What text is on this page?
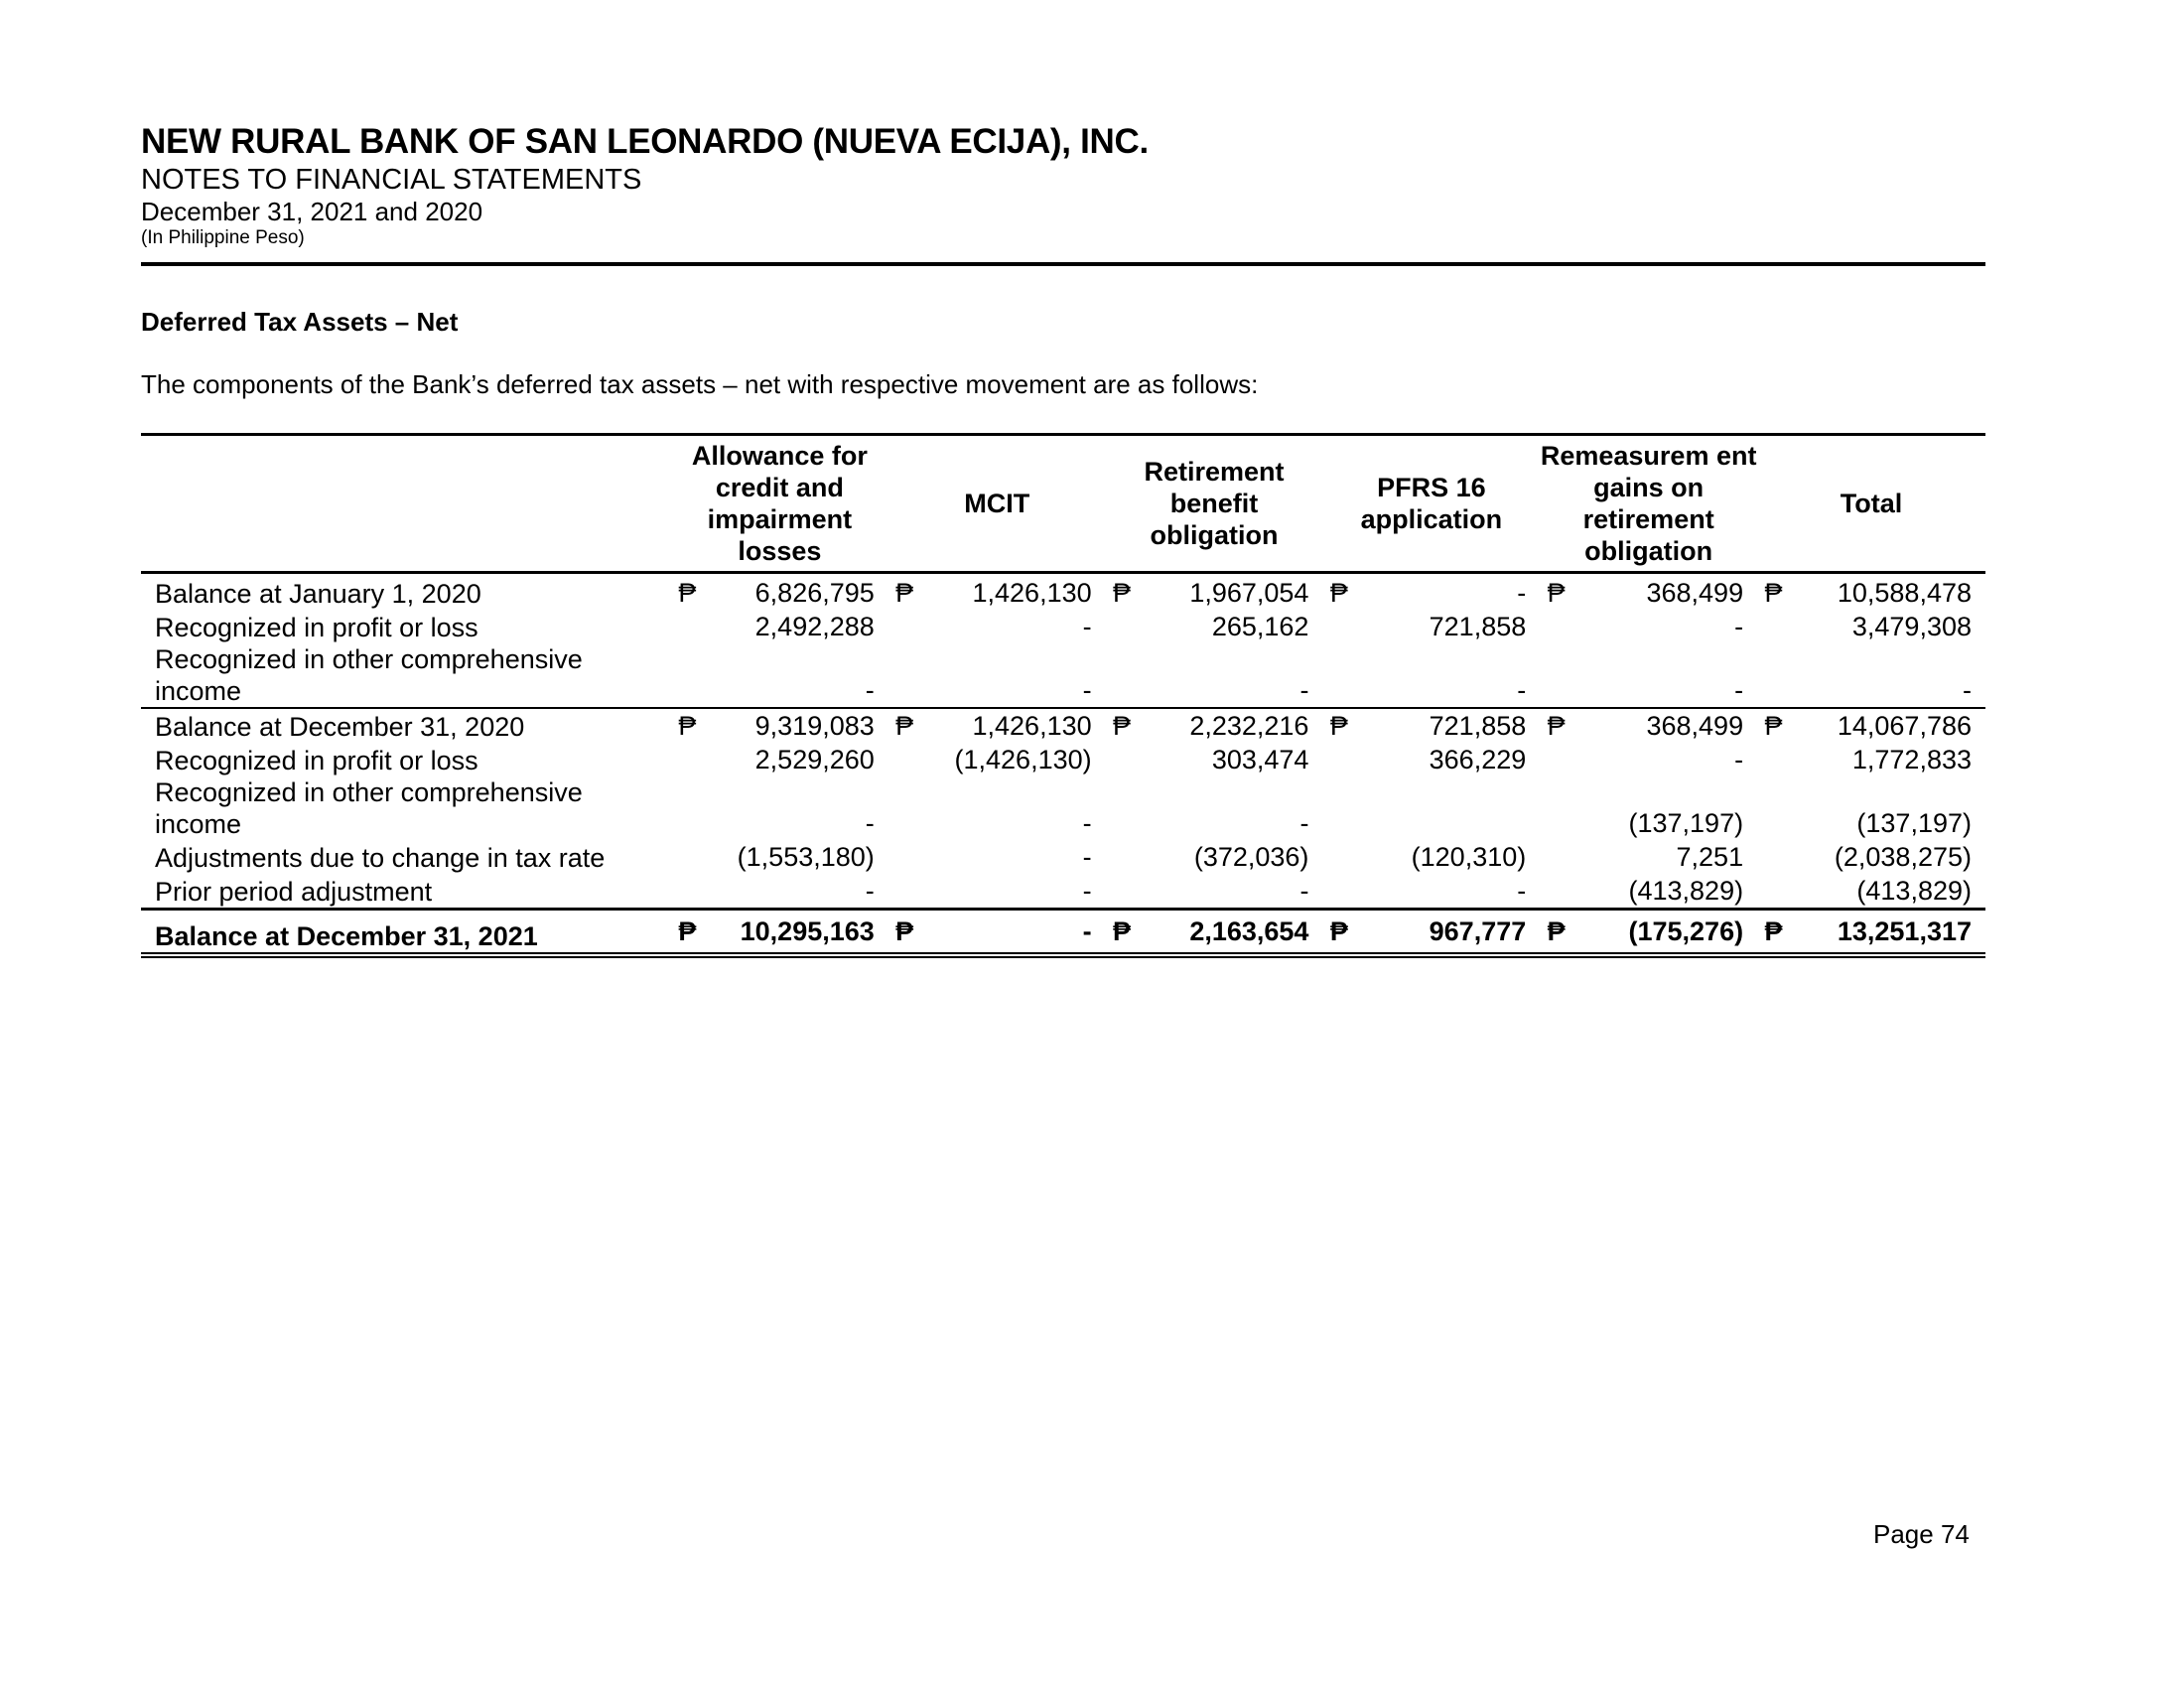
NEW RURAL BANK OF SAN LEONARDO (NUEVA ECIJA), INC.
NOTES TO FINANCIAL STATEMENTS
December 31, 2021 and 2020
(In Philippine Peso)
Deferred Tax Assets – Net
The components of the Bank’s deferred tax assets – net with respective movement are as follows:
	Allowance for credit and impairment losses		MCIT		Retirement benefit obligation		PFRS 16 application		Remeasurem ent gains on retirement obligation		Total	
Balance at January 1, 2020	₱	6,826,795	₱	1,426,130	₱	1,967,054	₱	-	₱	368,499	₱	10,588,478
Recognized in profit or loss		2,492,288		-		265,162		721,858		-		3,479,308
Recognized in other comprehensive income		-		-		-		-		-		-
Balance at December 31, 2020	₱	9,319,083	₱	1,426,130	₱	2,232,216	₱	721,858	₱	368,499	₱	14,067,786
Recognized in profit or loss		2,529,260		(1,426,130)		303,474		366,229		-		1,772,833
Recognized in other comprehensive income		-		-		-				(137,197)		(137,197)
Adjustments due to change in tax rate		(1,553,180)		-		(372,036)		(120,310)		7,251		(2,038,275)
Prior period adjustment		-		-		-		-		(413,829)		(413,829)
Balance at December 31, 2021	₱	10,295,163	₱	-	₱	2,163,654	₱	967,777	₱	(175,276)	₱	13,251,317
Page 74
